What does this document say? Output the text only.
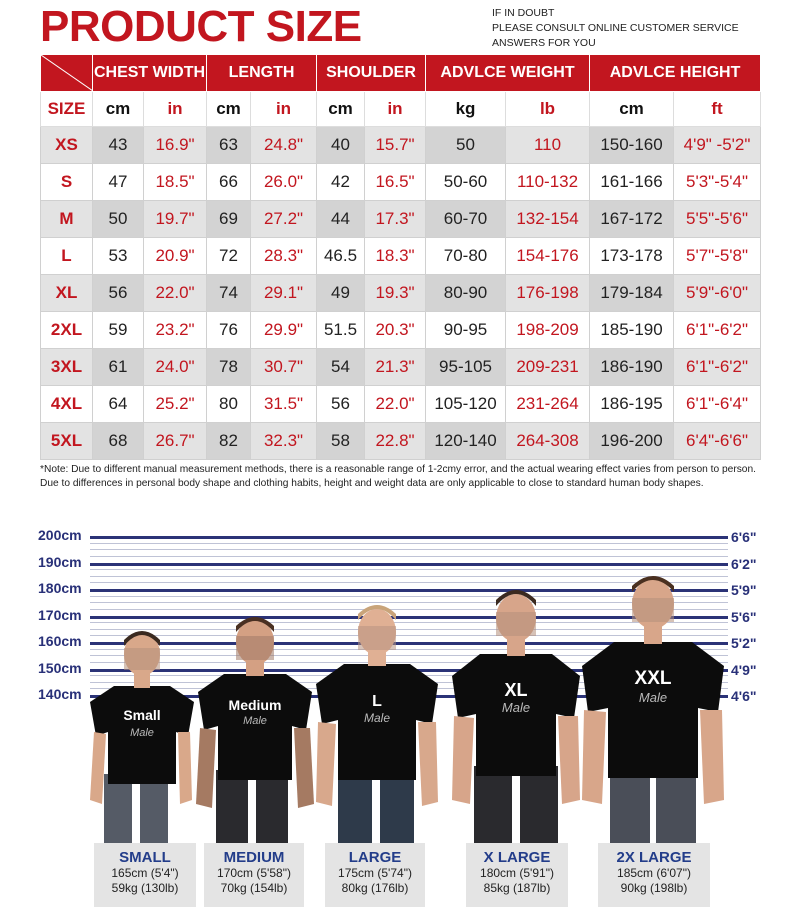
PRODUCT SIZE	IF IN DOUBT
PLEASE CONSULT ONLINE CUSTOMER SERVICE
ANSWERS FOR YOU
	CHEST WIDTH		LENGTH		SHOULDER		ADVLCE WEIGHT		ADVLCE HEIGHT	
SIZE	cm	in	cm	in	cm	in	kg	lb	cm	ft
XS	43	16.9"	63	24.8"	40	15.7"	50	110	150-160	4'9" -5'2"
S	47	18.5"	66	26.0"	42	16.5"	50-60	110-132	161-166	5'3"-5'4"
M	50	19.7"	69	27.2"	44	17.3"	60-70	132-154	167-172	5'5"-5'6"
L	53	20.9"	72	28.3"	46.5	18.3"	70-80	154-176	173-178	5'7"-5'8"
XL	56	22.0"	74	29.1"	49	19.3"	80-90	176-198	179-184	5'9"-6'0"
2XL	59	23.2"	76	29.9"	51.5	20.3"	90-95	198-209	185-190	6'1"-6'2"
3XL	61	24.0"	78	30.7"	54	21.3"	95-105	209-231	186-190	6'1"-6'2"
4XL	64	25.2"	80	31.5"	56	22.0"	105-120	231-264	186-195	6'1"-6'4"
5XL	68	26.7"	82	32.3"	58	22.8"	120-140	264-308	196-200	6'4"-6'6"
*Note: Due to different manual measurement methods, there is a reasonable range of 1-2cmy error, and the actual wearing effect varies from person to person. Due to differences in personal body shape and clothing habits, height and weight data are only applicable to close to standard human body shapes.
200cm	6'6"
190cm	6'2"
180cm	5'9"
170cm	5'6"
160cm	5'2"
150cm	4'9"
140cm	4'6"
Small
Male
Medium
Male
L
Male
XL
Male
XXL
Male
SMALL
165cm (5'4")
59kg (130lb)
MEDIUM
170cm (5'58")
70kg (154lb)
LARGE
175cm (5'74")
80kg (176lb)
X LARGE
180cm (5'91")
85kg (187lb)
2X LARGE
185cm (6'07")
90kg (198lb)
